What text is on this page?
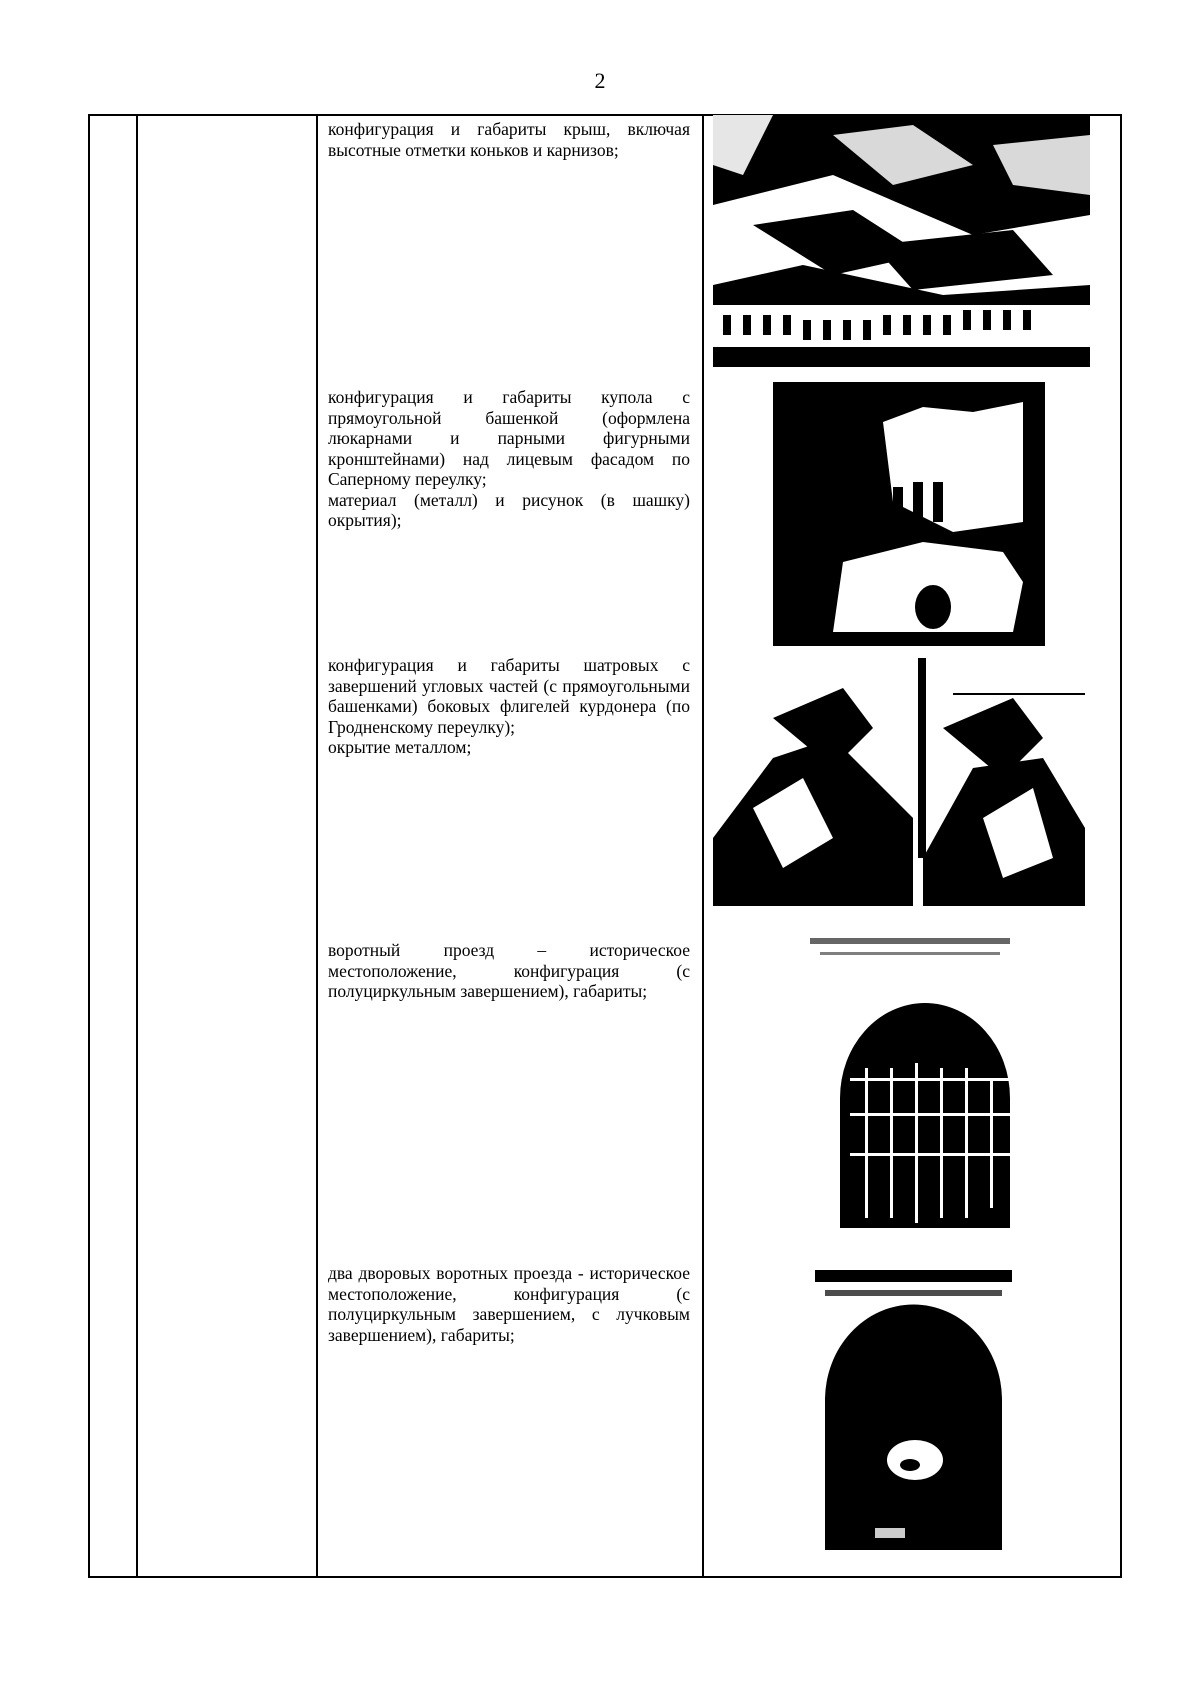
2

конфигурация и габариты крыш, включая высотные отметки коньков и карнизов;

конфигурация и габариты купола с прямоугольной башенкой (оформлена люкарнами и парными фигурными кронштейнами) над лицевым фасадом по Саперному переулку;

материал (металл) и рисунок (в шашку) окрытия);

конфигурация и габариты шатровых с завершений угловых частей (с прямоугольными башенками) боковых флигелей курдонера (по Гродненскому переулку);

окрытие металлом;

воротный проезд – историческое местоположение, конфигурация (с полуциркульным завершением), габариты;

два дворовых воротных проезда - историческое местоположение, конфигурация (с полуциркульным завершением, с лучковым завершением), габариты;
